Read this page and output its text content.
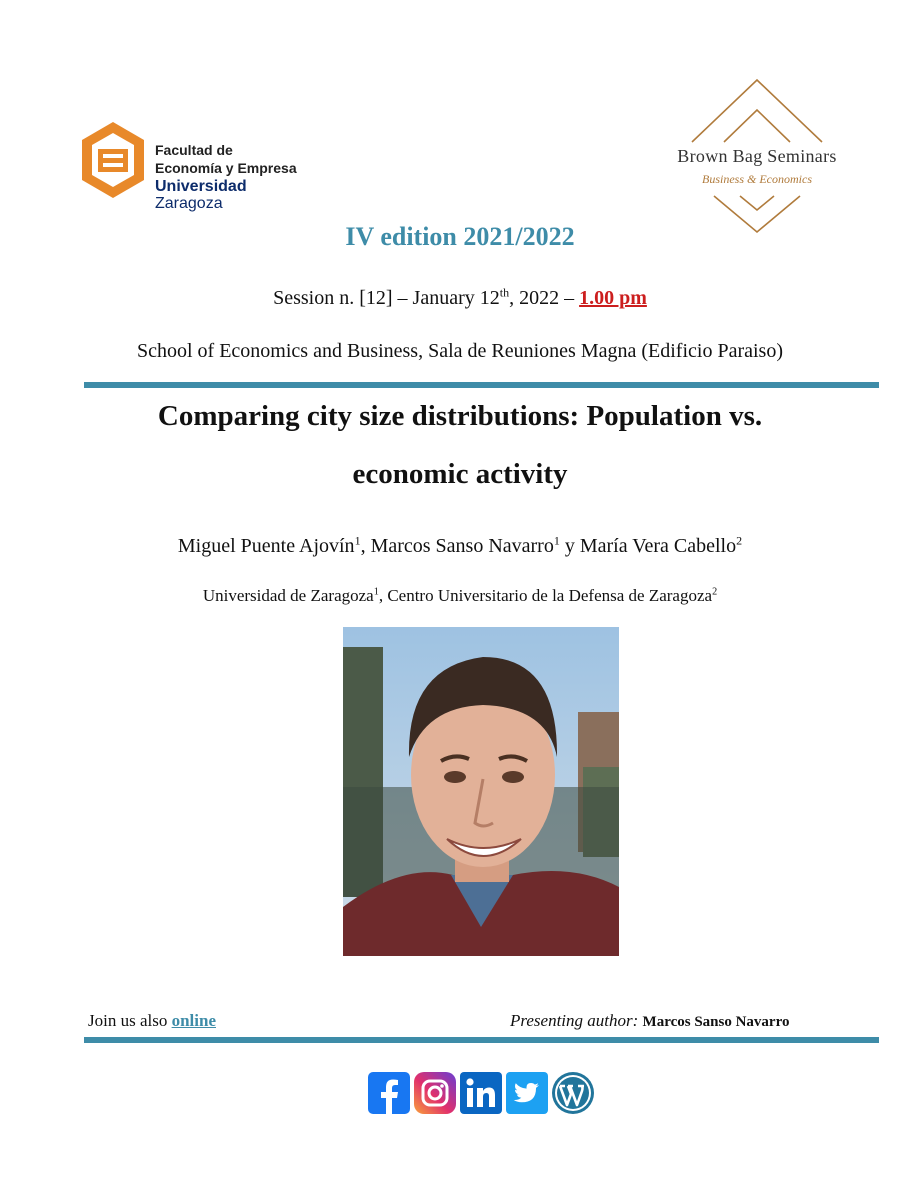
Facultad de
Economía y Empresa
Universidad Zaragoza
Brown Bag Seminars
Business & Economics
IV edition 2021/2022
Session n. [12] – January 12th, 2022 – 1.00 pm
School of Economics and Business, Sala de Reuniones Magna (Edificio Paraiso)
Comparing city size distributions: Population vs.
economic activity
Miguel Puente Ajovín$^1$, Marcos Sanso Navarro$^1$ y María Vera Cabello$^2$
Universidad de Zaragoza$^1$, Centro Universitario de la Defensa de Zaragoza$^2$
Join us also online	Presenting author: Marcos Sanso Navarro
